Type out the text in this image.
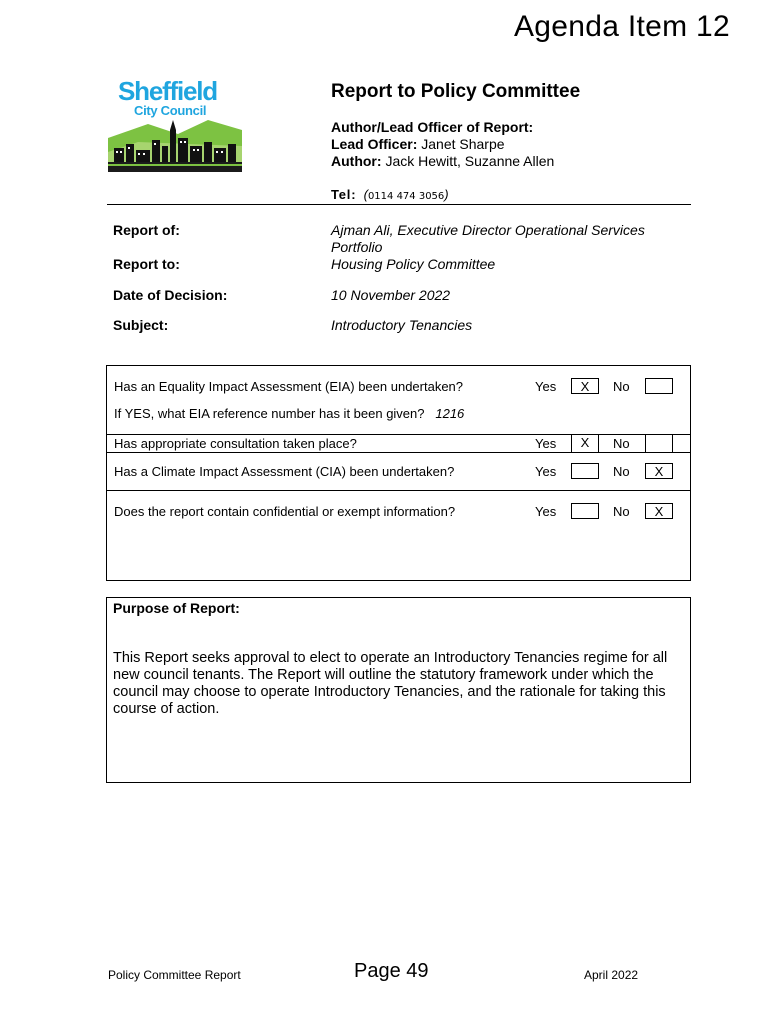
Agenda Item 12
Sheffield
City Council
Report to Policy Committee
Author/Lead Officer of Report:
Lead Officer: Janet Sharpe
Author: Jack Hewitt, Suzanne Allen
Tel: (0114 474 3056)
Report of:	Ajman Ali, Executive Director Operational Services
Portfolio
Report to:	Housing Policy Committee
Date of Decision:	10 November 2022
Subject:	Introductory Tenancies
Has an Equality Impact Assessment (EIA) been undertaken?	Yes	X	No
If YES, what EIA reference number has it been given? 1216
Has appropriate consultation taken place?	Yes	X	No
Has a Climate Impact Assessment (CIA) been undertaken?	Yes	No	X
Does the report contain confidential or exempt information?	Yes	No	X
Purpose of Report:
This Report seeks approval to elect to operate an Introductory Tenancies regime for all new council tenants. The Report will outline the statutory framework under which the council may choose to operate Introductory Tenancies, and the rationale for taking this course of action.
Policy Committee Report	Page 49	April 2022
